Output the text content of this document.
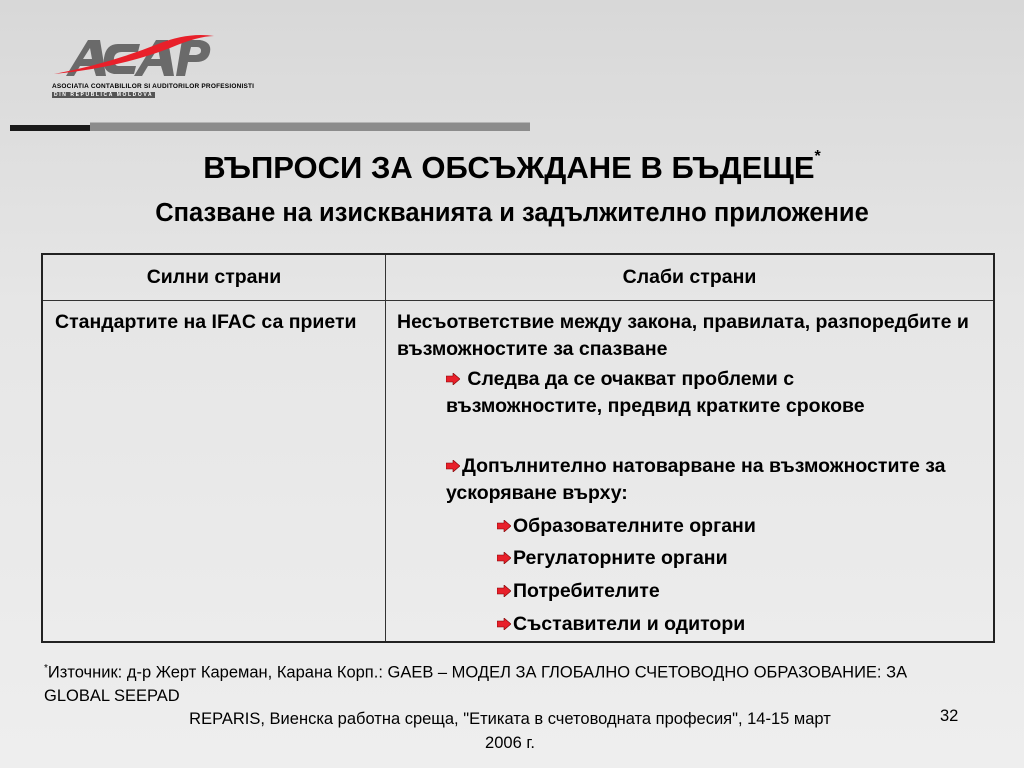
ASOCIATIA CONTABILILOR SI AUDITORILOR PROFESIONISTI
DIN REPUBLICA MOLDOVA
ВЪПРОСИ ЗА ОБСЪЖДАНЕ В БЪДЕЩЕ*
Спазване на изискванията и задължително приложение
Силни страни	Слаби страни
Стандартите на IFAC са приети	Несъответствие между закона, правилата, разпоредбите и възможностите за спазване
Следва да се очакват проблеми с възможностите, предвид кратките срокове
Допълнително натоварване на възможностите за ускоряване върху:
Образователните органи
Регулаторните органи
Потребителите
Съставители и одитори
*Източник: д-р Жерт Кареман, Карана Корп.: GAEB – МОДЕЛ ЗА ГЛОБАЛНО СЧЕТОВОДНО ОБРАЗОВАНИЕ: ЗА GLOBAL SEEPAD
REPARIS, Виенска работна среща, "Етиката в счетоводната професия", 14-15 март 2006 г.
32
